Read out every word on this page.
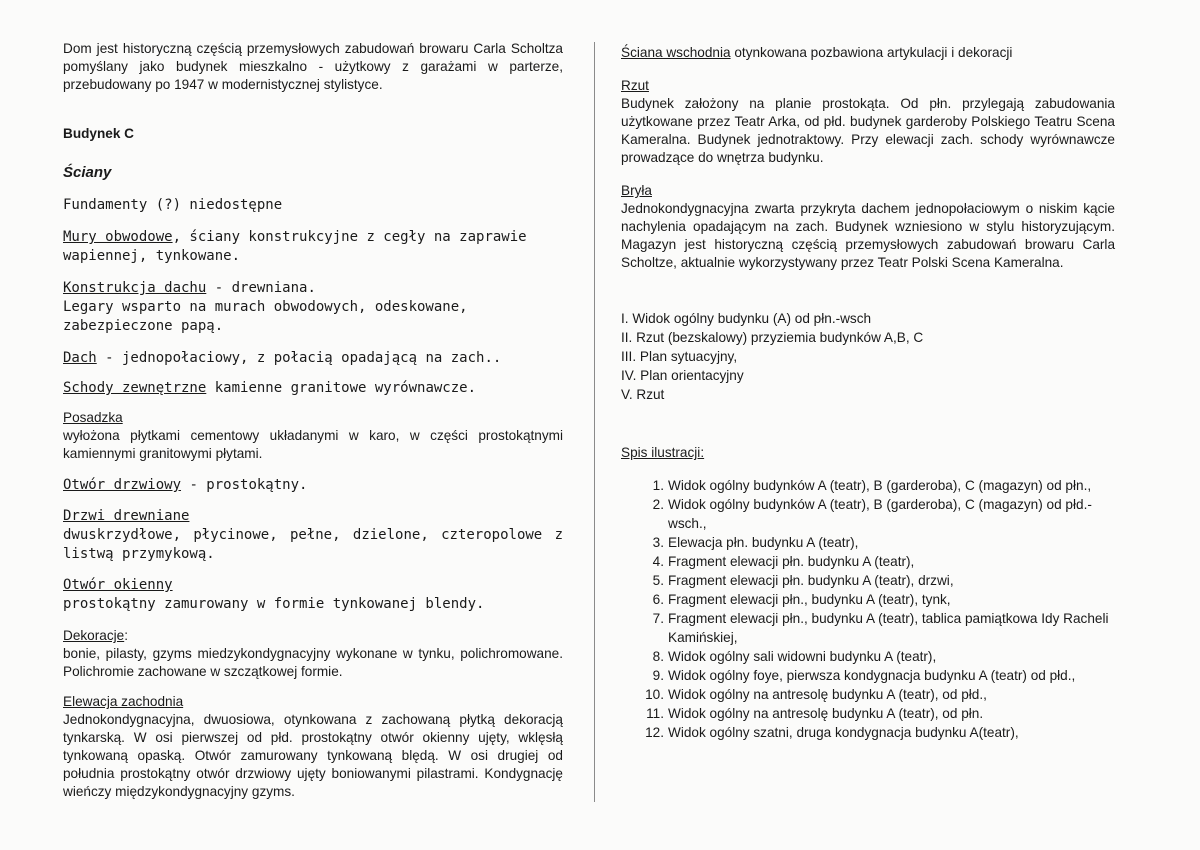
Dom jest historyczną częścią przemysłowych zabudowań browaru Carla Scholtza pomyślany jako budynek mieszkalno - użytkowy z garażami w parterze, przebudowany po 1947 w modernistycznej stylistyce.

Budynek C

Ściany

Fundamenty (?) niedostępne

Mury obwodowe, ściany konstrukcyjne z cegły na zaprawie wapiennej, tynkowane.

Konstrukcja dachu - drewniana.
Legary wsparto na murach obwodowych, odeskowane, zabezpieczone papą.

Dach - jednopołaciowy, z połacią opadającą na zach..

Schody zewnętrzne kamienne granitowe wyrównawcze.

Posadzka
wyłożona płytkami cementowy układanymi w karo, w części prostokątnymi kamiennymi granitowymi płytami.

Otwór drzwiowy - prostokątny.

Drzwi drewniane
dwuskrzydłowe, płycinowe, pełne, dzielone, czteropolowe z listwą przymykową.

Otwór okienny
prostokątny zamurowany w formie tynkowanej blendy.

Dekoracje:
bonie, pilasty, gzyms miedzykondygnacyjny wykonane w tynku, polichromowane. Polichromie zachowane w szczątkowej formie.

Elewacja zachodnia
Jednokondygnacyjna, dwuosiowa, otynkowana z zachowaną płytką dekoracją tynkarską. W osi pierwszej od płd. prostokątny otwór okienny ujęty, wklęsłą tynkowaną opaską. Otwór zamurowany tynkowaną blędą. W osi drugiej od południa prostokątny otwór drzwiowy ujęty boniowanymi pilastrami. Kondygnację wieńczy międzykondygnacyjny gzyms.

Ściana wschodnia otynkowana pozbawiona artykulacji i dekoracji

Rzut
Budynek założony na planie prostokąta. Od płn. przylegają zabudowania użytkowane przez Teatr Arka, od płd. budynek garderoby Polskiego Teatru Scena Kameralna. Budynek jednotraktowy. Przy elewacji zach. schody wyrównawcze prowadzące do wnętrza budynku.

Bryła
Jednokondygnacyjna zwarta przykryta dachem jednopołaciowym o niskim kącie nachylenia opadającym na zach. Budynek wzniesiono w stylu historyzującym. Magazyn jest historyczną częścią przemysłowych zabudowań browaru Carla Scholtze, aktualnie wykorzystywany przez Teatr Polski Scena Kameralna.

I. Widok ogólny budynku (A) od płn.-wsch
II. Rzut (bezskalowy) przyziemia budynków A,B, C
III. Plan sytuacyjny,
IV. Plan orientacyjny
V. Rzut

Spis ilustracji:

1. Widok ogólny budynków A (teatr), B (garderoba), C (magazyn) od płn.,
2. Widok ogólny budynków A (teatr), B (garderoba), C (magazyn) od płd.-wsch.,
3. Elewacja płn. budynku A (teatr),
4. Fragment elewacji płn. budynku A (teatr),
5. Fragment elewacji płn. budynku A (teatr), drzwi,
6. Fragment elewacji płn., budynku A (teatr), tynk,
7. Fragment elewacji płn., budynku A (teatr), tablica pamiątkowa Idy Racheli Kamińskiej,
8. Widok ogólny sali widowni budynku A (teatr),
9. Widok ogólny foye, pierwsza kondygnacja budynku A (teatr) od płd.,
10. Widok ogólny na antresolę budynku A (teatr), od płd.,
11. Widok ogólny na antresolę budynku A (teatr), od płn.
12. Widok ogólny szatni, druga kondygnacja budynku A(teatr),
